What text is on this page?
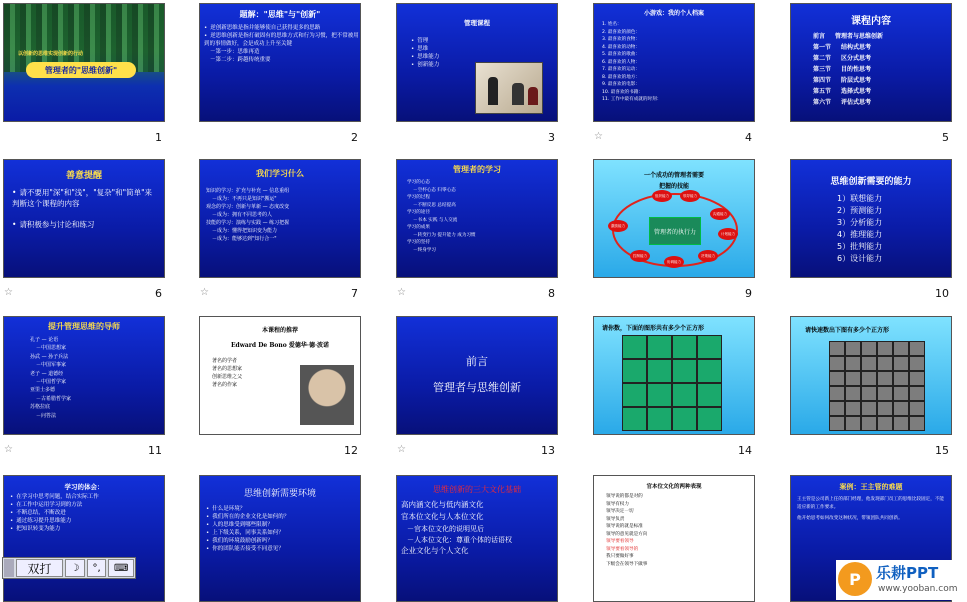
以创新的思维实现创新的行动
管理者的"思维创新"
1
题解："思维"与"创新"
• 逆创新思维是指并能够使自己获得更多的思路
• 逆思维创新是指打破固有的思维方式和行为习惯，把不常被用到的事情做好，会是成功上升至关键
－第一步：思维再造
－第二步：跨越传统重要
2
管理课程
• 管理
• 思维
• 思维能力
• 创新能力
3
小游戏：我的个人档案
1. 姓名：
2. 最喜欢的颜色：
3. 最喜欢的食物：
4. 最喜欢的动物：
5. 最喜欢的歌曲：
6. 最喜欢的人物：
7. 最喜欢的运动：
8. 最喜欢的地方：
9. 最喜欢的电影：
10. 最喜欢的书籍：
11. 工作中最有成就的时刻：
☆	4
课程内容
前言 管理者与思维创新
第一节 结构式思考
第二节 区分式思考
第三节 目的性思考
第四节 阶层式思考
第五节 选择式思考
第六节 评估式思考
5
善意提醒
• 请不要用"深"和"浅"，"复杂"和"简单"来判断这个课程的内容
• 请积极参与讨论和练习
☆	6
我们学习什么
知识的学习：扩充与补充 — 信息重组
－成为：不再只是知识"搬运"
观念的学习：创新与革新 — 态度改变
－成为：拥有不同思考的人
技能的学习：演练与实践 — 练习把握
－成为：懂得把知识变为能力
－成为：能够达到"知行合一"
☆	7
管理者的学习
学习的心态
－空杯心态 归零心态
学习的过程
－不断反思 总结提高
学习的途径
－书本 实践 与人交流
学习的成果
－转变行为 提升能力 成为习惯
学习的坚持
－终身学习
☆	8
一个成功的管理者需要
把握的技能
管理者的执行力
组织能力	领导能力
沟通能力
计划能力
决策能力
协调能力
控制能力
激励能力
9
思维创新需要的能力
1）联想能力
2）预测能力
3）分析能力
4）推理能力
5）批判能力
6）设计能力
10
提升管理思维的导师
孔子 — 论语
－中国思想家
孙武 — 孙子兵法
－中国军事家
老子 — 道德经
－中国哲学家
亚里士多德
－古希腊哲学家
苏格拉底
－问答法
☆	11
本课程的推荐
Edward De Bono 爱德华·德·波诺
著名的学者
著名的思想家
创新思维之父
著名的作家
12
前言
管理者与思维创新
☆	13
请你数，下面的图形共有多少个正方形
14
请快速数出下图有多少个正方形
15
学习的体会：
• 在学习中思考问题，结合实际工作
• 在工作中运用学习到的方法
• 不断总结，不断改进
• 通过练习提升思维能力
• 把知识转变为能力
思维创新需要环境
• 什么是环境？
• 我们所在的企业文化是如何的？
• 人的思维受到哪些限制？
• 上下级关系，同事关系如何？
• 我们的环境鼓励创新吗？
• 你的团队能否接受不同意见？
思维创新的三大文化基础
高内涵文化与低内涵文化
官本位文化与人本位文化
－官本位文化的说明见后
－人本位文化：尊重个体的话语权
企业文化与个人文化
官本位文化的两种表现
领导说的都是对的
领导有权力
领导决定一切
领导负责
领导说的就是标准
领导的意见就是方向
领导要看领导
领导要看领导的
我只要做好事
下级会在领导下做事
案例：王主管的难题
王主管是公司新上任的部门经理，他发现部门员工的思维比较固定，不能适应新的工作要求。
他开始思考如何改变这种状况，带领团队共同创新。
双打	☽	°,	⌨
P	乐耕PPT
www.yooban.com
